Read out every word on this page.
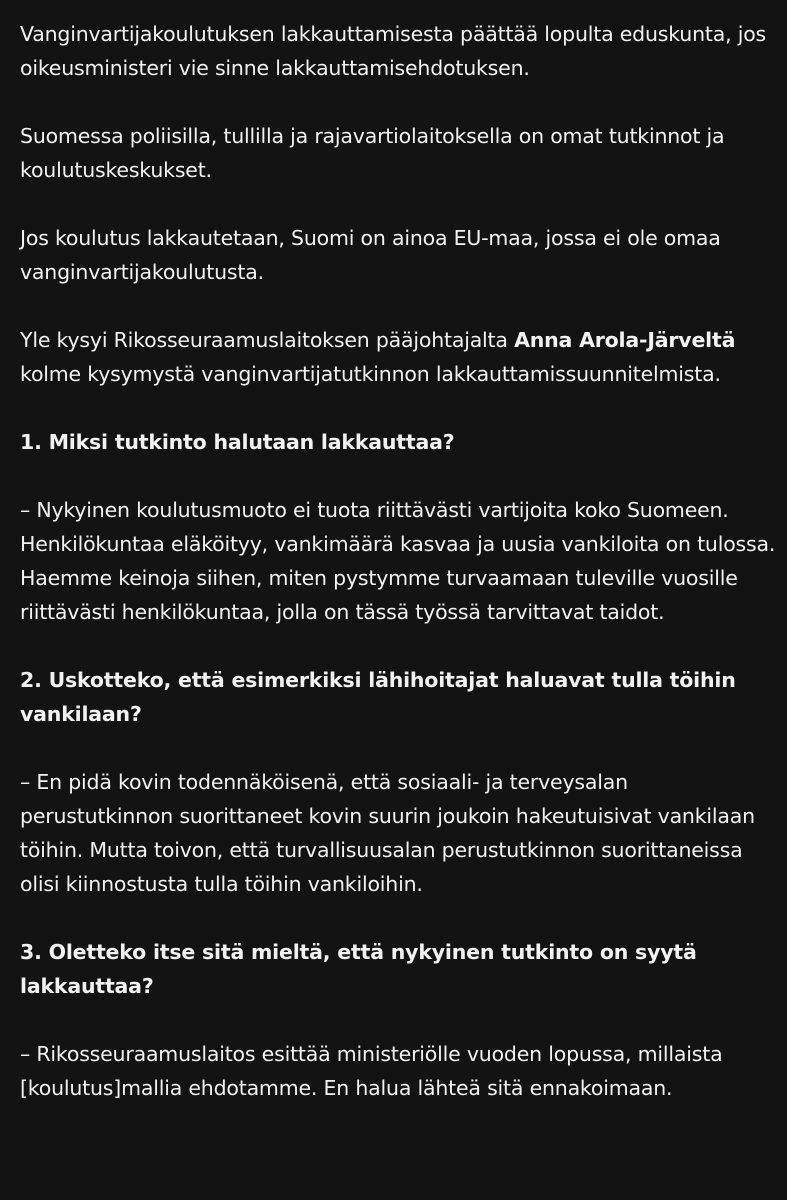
Vanginvartijakoulutuksen lakkauttamisesta päättää lopulta eduskunta, jos oikeusministeri vie sinne lakkauttamisehdotuksen.

Suomessa poliisilla, tullilla ja rajavartiolaitoksella on omat tutkinnot ja koulutuskeskukset.

Jos koulutus lakkautetaan, Suomi on ainoa EU-maa, jossa ei ole omaa vanginvartijakoulutusta.

Yle kysyi Rikosseuraamuslaitoksen pääjohtajalta Anna Arola-Järveltä kolme kysymystä vanginvartijatutkinnon lakkauttamissuunnitelmista.

1. Miksi tutkinto halutaan lakkauttaa?

– Nykyinen koulutusmuoto ei tuota riittävästi vartijoita koko Suomeen. Henkilökuntaa eläköityy, vankimäärä kasvaa ja uusia vankiloita on tulossa. Haemme keinoja siihen, miten pystymme turvaamaan tuleville vuosille riittävästi henkilökuntaa, jolla on tässä työssä tarvittavat taidot.

2. Uskotteko, että esimerkiksi lähihoitajat haluavat tulla töihin vankilaan?

– En pidä kovin todennäköisenä, että sosiaali- ja terveysalan perustutkinnon suorittaneet kovin suurin joukoin hakeutuisivat vankilaan töihin. Mutta toivon, että turvallisuusalan perustutkinnon suorittaneissa olisi kiinnostusta tulla töihin vankiloihin.

3. Oletteko itse sitä mieltä, että nykyinen tutkinto on syytä lakkauttaa?

– Rikosseuraamuslaitos esittää ministeriölle vuoden lopussa, millaista [koulutus]mallia ehdotamme. En halua lähteä sitä ennakoimaan.
